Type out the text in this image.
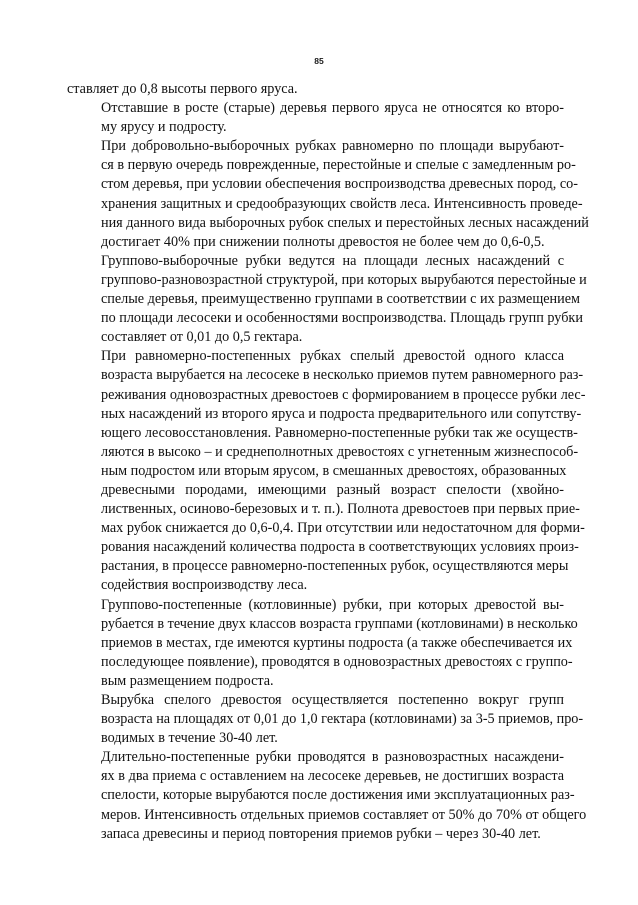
85
ставляет до 0,8 высоты первого яруса.
Отставшие в росте (старые) деревья первого яруса не относятся ко второ-
му ярусу и подросту.
При добровольно-выборочных рубках равномерно по площади вырубают-
ся в первую очередь поврежденные, перестойные и спелые с замедленным ро-
стом деревья, при условии обеспечения воспроизводства древесных пород, со-
хранения защитных и средообразующих свойств леса. Интенсивность проведе-
ния данного вида выборочных рубок спелых и перестойных лесных насаждений
достигает 40% при снижении полноты древостоя не более чем до 0,6-0,5.
Группово-выборочные рубки ведутся на площади лесных насаждений с
группово-разновозрастной структурой, при которых вырубаются перестойные и
спелые деревья, преимущественно группами в соответствии с их размещением
по площади лесосеки и особенностями воспроизводства. Площадь групп рубки
составляет от 0,01 до 0,5 гектара.
При равномерно-постепенных рубках спелый древостой одного класса
возраста вырубается на лесосеке в несколько приемов путем равномерного раз-
реживания одновозрастных древостоев с формированием в процессе рубки лес-
ных насаждений из второго яруса и подроста предварительного или сопутству-
ющего лесовосстановления. Равномерно-постепенные рубки так же осуществ-
ляются в высоко – и среднеполнотных древостоях с угнетенным жизнеспособ-
ным подростом или вторым ярусом, в смешанных древостоях, образованных
древесными породами, имеющими разный возраст спелости (хвойно-
лиственных, осиново-березовых и т. п.). Полнота древостоев при первых прие-
мах рубок снижается до 0,6-0,4. При отсутствии или недостаточном для форми-
рования насаждений количества подроста в соответствующих условиях произ-
растания, в процессе равномерно-постепенных рубок, осуществляются меры
содействия воспроизводству леса.
Группово-постепенные (котловинные) рубки, при которых древостой вы-
рубается в течение двух классов возраста группами (котловинами) в несколько
приемов в местах, где имеются куртины подроста (а также обеспечивается их
последующее появление), проводятся в одновозрастных древостоях с группо-
вым размещением подроста.
Вырубка спелого древостоя осуществляется постепенно вокруг групп
возраста на площадях от 0,01 до 1,0 гектара (котловинами) за 3-5 приемов, про-
водимых в течение 30-40 лет.
Длительно-постепенные рубки проводятся в разновозрастных насаждени-
ях в два приема с оставлением на лесосеке деревьев, не достигших возраста
спелости, которые вырубаются после достижения ими эксплуатационных раз-
меров. Интенсивность отдельных приемов составляет от 50% до 70% от общего
запаса древесины и период повторения приемов рубки – через 30-40 лет.
